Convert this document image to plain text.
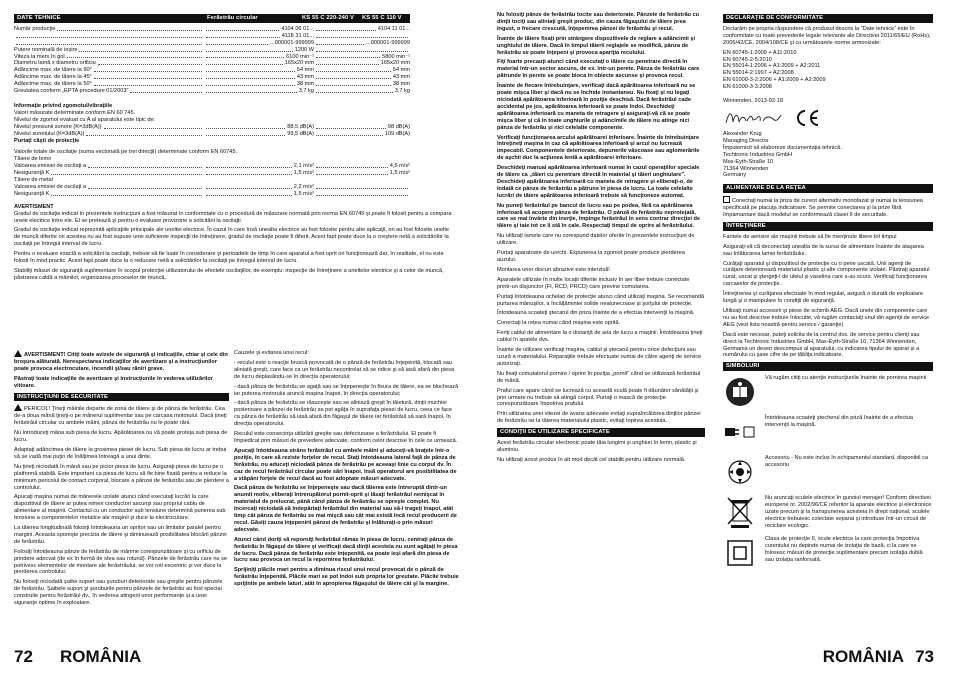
DATE TEHNICE	Ferăstrău circular	KS 55 C 220-240 V	KS 55 C 110 V
Număr producţie	4104 06 01...	4104 11 01...
4118 31 01...
...000001-999999	...000001-999999
Putere nominală de ieşire	1200 W
Viteza la mers în gol	6100 min⁻¹	5800 min⁻¹
Diametru lamă x diametru orificiu	165x20 mm	165x20 mm
Adâncime max. de tăiere la 90°	54 mm	54 mm
Adâncime max. de tăiere la 45°	43 mm	43 mm
Adâncime max. de tăiere la 50°	38 mm	38 mm
Greutatea conform „EPTA procedure 01/2003"	3,7 kg	3,7 kg
Informaţie privind zgomotul/vibraţiile
Valori măsurate determinate conform EN 60 745.
Nivelul de zgomot evaluat cu A al aparatului este tipic de:
Nivelul presiunii sonore (K=3dB(A))	88,5 dB(A)	98 dB(A)
Nivelul sunetului (K=3dB(A))	99,5 dB(A)	109 dB(A)
Purtaţi căşti de protecţie
Valorile totale de oscilaţie (suma vectorială pe trei direcţii) determinate conform EN 60745.
Tăiere de lemn
Valoarea emisiei de oscilaţi a	2,1 m/s²	4,5 m/s²
Nesiguranţă K	1,5 m/s²	1,5 m/s²
Tăiere de metal
Valoarea emisiei de oscilaţi a	2,2 m/s²
Nesiguranţă K	1,5 m/s²
AVERTISMENT
Gradul de oscilaţie indicat în prezentele instrucţiuni a fost măsurat în conformitate cu o procedură de măsurare normată prin norma EN 60745 şi poate fi folosit pentru a compara unele electrice între ele. El se pretează şi pentru o evaluare provizorie a solicitării la oscilaţii.
Gradul de oscilaţie indicat reprezintă aplicaţiile principale ale uneltei electrice. În cazul în care însă unealta electrice au fost folosite pentru alte aplicaţii, ori au fost folosite unelte de muncă diferite ori acestea nu au fost supuse unei suficiente inspecţii de întreţinere, gradul de oscilaţie poate fi diferit. Acest fapt poate duce la o creştere netă a solicitărilor la oscilaţii pe întregul interval de lucru.
Pentru o evaluare exactă a solicitării la oscilaţii, trebuie să fie luate în considerare şi perioadele de timp în care aparatul a fost oprit ori funcţionează dar, în realitate, el nu este folosit în mod practic. Acest fapt poate duce la o reducere netă a solicitărilor la oscilaţii pe întregul interval de lucru.
Stabiliţi măsuri de siguranţă suplimentare în scopul protecţiei utilizatorului de efectele oscilaţiilor, de exemplu: inspecţie de întreţinere a uneltelor electrice şi a celor de muncă, păstrarea caldă a mâinilor, organizarea proceselor de muncă.
AVERTISMENT! Citiţi toate avizele de siguranţă şi indicaţiile, chiar şi cele din broşura alăturată. Nerespectarea indicaţiilor de avertizare şi a instrucţiunilor poate provoca electrocutare, incendii şi/sau răniri grave.
Păstraţi toate indicaţiile de avertizare şi instrucţiunile în vederea utilizărilor viitoare.
INSTRUCŢIUNI DE SECURITATE
PERICOL! Ţineţi mâinile departe de zona de tăiere şi de pânza de ferăstrău. Cea de-a doua mână ţineţi-o pe mânerul suplimentar sau pe carcasa motorului. Dacă ţineţi ferăstrăul circular cu ambele mâini, pânza de ferăstrău nu le poate răni.
Nu introduceţi mâna sub piesa de lucru. Apărătoarea nu vă poate proteja sub piesa de lucru.
Adaptaţi adâncimea de tăiere la grosimea piesei de lucru. Sub piesa de lucru ar trebui să se vadă mai puţin de înălţimea întreagă a unui dinte.
Nu ţineţi niciodată în mână sau pe picior piesa de lucru. Asiguraţi piesa de lucru pe o platformă stabilă. Este important ca piesa de lucru să fie bine fixată pentru a reduce la minimum pericolul de contact corporal, blocare a pânzei de ferăstrău sau de pierdere a controlului.
Apucaţi maşina numai de mânerele izolate atunci când executaţi lucrări la care dispozitivul de tăiere ar putea nimeri conductori ascunşi sau propriul cablu de alimentare al maşinii. Contactul cu un conductor sub tensiune determină punerea sub tensiune a componentelor metalice ale maşinii şi duce la electrocutare.
La tăierea longitudinală folosiţi întotdeauna un opritor sau un limitator paralel pentru margini. Aceasta sporeşte precizia de tăiere şi diminuează posibilitatea blocării pânzei de ferăstrău.
Folosiţi întotdeauna pânze de ferăstrău de mărime corespunzătoare şi cu orificiu de prindere adecvat (de ex în formă de stea sau rotund). Pânzele de ferăstrău care nu se potrivesc elementelor de montare ale ferăstrăului, se vor roti excentric şi vor duce la pierderea controlului.
Nu folosiţi niciodată şaibe suport sau şuruburi deteriorate sau greşite pentru pânzele de ferăstrău. Şaibele suport şi şuruburile pentru pânzele de ferăstrău au fost special construite pentru ferăstrăul dv., în vederea atingerii unor performanţe şi a unei siguranţe optime în exploatare.
Cauzele şi evitarea unui recul:
- reculul este o reacţie bruscă provocată de o pânză de ferăstrău înţepenită, blocată sau aliniată greşit, care face ca un ferăstrău necontrolat să se ridice şi să iasă afară din piesa de lucru deplasându-se în direcţia operatorului;
- dacă pânza de ferăstrău se agaţă sau se înţepeneşte în fisura de tăiere, ea se blochează iar puterea motorului aruncă maşina înapoi, în direcţia operatorului;
- dacă pânza de ferăstrău se răsuceşte sau se aliniază greşit în tăietură, dinţii muchiei posterioare a pânzei de ferăstrău se pot agăţa în suprafaţa piesei de lucru, ceea ce face ca pânza de ferăstrău să iasă afară din făgaşul de tăiere iar ferăstrăul să sară înapoi, în direcţia operatorului.
Reculul este consecinţa utilizării greşite sau defectuoase a ferăstrăului. El poate fi împiedicat prin măsuri de prevedere adecvate, conform celor descrise în cele ce urmează.
Apucaţi întotdeauna strâns ferăstrăul cu ambele mâini şi aduceţi-vă braţele într-o poziţie, în care să reziste forţelor de recul. Staţi întotdeauna lateral faţă de pânza de ferăstrău, nu aduceţi niciodată pânza de ferăstrău pe aceeaşi linie cu corpul dv. În caz de recul ferăstrăul circular poate sări înapoi, însă operatorul are posibilitatea de a stăpâni forţele de recul dacă au fost adoptate măsuri adecvate.
Dacă pânza de ferăstrău se înţepeneşte sau dacă tăierea este întreruptă dintr-un anumit motiv, eliberaţi întrerupătorul pornit-oprit şi lăsaţi ferăstrăul nemişcat în materialul de prelucrat, până când pânza de ferăstrău se opreşte complet. Nu încercaţi niciodată să îndepărtaţi ferăstrăul din material sau să-l trageţi înapoi, atât timp cât pânza de ferăstrău se mai mişcă sau cât mai există încă recul producerii de recul. Găsiţi cauza înţepenirii pânzei de ferăstrău şi înlăturaţi-o prin măsuri adecvate.
Atunci când doriţi să reporniţi ferăstrăul rămas în piesa de lucru, centraţi pânza de ferăstrău în făgaşul de tăiere şi verificaţi dacă dinţii acesteia nu sunt agăţaţi în piesa de lucru. Dacă pânza de ferăstrău este înţepenită, ea poate ieşi afară din piesa de lucru sau provoca un recul la repornirea ferăstrăului.
Sprijiniţi plăcile mari pentru a diminua riscul unui recul provocat de o pânză de ferăstrău înţepenită. Plăcile mari se pot îndoi sub propria lor greutate. Plăcile trebuie sprijinite pe ambele laturi, atât în apropierea făgaşului de tăiere cât şi la margine.
72 ROMÂNIA
Nu folosiţi pânze de ferăstrău tocite sau deteriorate. Pânzele de ferăstrău cu dinţii tociţi sau aliniaţi greşit produc, din cauza făgaşului de tăiere prea îngust, o frecare crescută, înţepenirea pânzei de ferăstrău şi recul.
Înainte de tăiere fixaţi prin strângere dispozitivele de reglare a adâncimii şi unghiului de tăiere. Dacă în timpul tăierii reglajele se modifică, pânza de ferăstrău se poate înţepeni şi provoca apariţia reculului.
Fiţi foarte precauţi atunci când executaţi o tăiere cu penetrare directă în material într-un sector ascuns, de ex. într-un perete. Pânza de ferăstrău care pătrunde în perete se poate bloca în obiecte ascunse şi provoca recul.
Înainte de fiecare întrebuinţare, verificaţi dacă apărătoarea inferioară nu se poate mişca liber şi dacă nu se închide instantaneu. Nu fixaţi şi nu legaţi niciodată apărătoarea inferioară în poziţie deschisă. Dacă ferăstrăul cade accidental pe jos, apărătoarea inferioară se poate îndoi. Deschideţi apărătoarea inferioară cu maneta de retragere şi asiguraţi-vă că se poate mişca liber şi că în toate unghiurile şi adâncimile de tăiere nu atinge nici pânza de ferăstrău şi nici celelalte componente.
Verificaţi funcţionarea arcului apărătoarei inferioare. Înainte de întrebuinţare întreţineţi maşina în caz că apărătoarea inferioară şi arcul nu lucrează impecabil. Componentele deteriorate, depunerile vâscoase sau aglomerările de aşchii duc la acţiunea lentă a apărătoarei inferioare.
Deschideţi manual apărătoarea inferioară numai în cazul operaţiilor speciale de tăiere ca „tăieri cu penetrare directă în material şi tăieri unghiulare". Deschideţi apărătoarea inferioară cu maneta de retragere şi eliberaţi-o, de îndată ce pânza de ferăstrău a pătruns în piesa de lucru. La toate celelalte lucrări de tăiere apărătoarea inferioară trebuie să funcţioneze automat.
Nu puneţi ferăstrăul pe bancul de lucru sau pe podea, fără ca apărătoarea inferioară să acopere pânza de ferăstrău. O pânză de ferăstrău neprotejată, care se mai învârte din inerţie, împinge ferăstrăul în sens contrar direcţiei de tăiere şi taie tot ce îi stă în cale. Respectaţi timpul de oprire al ferăstrăului.
Nu utilizaţi lamele care nu corespund datelor oferite în prezentele instrucţiuni de utilizare.
Purtaţi aparatoare de urechi. Expunerea la zgomot poate produce pierderea auzului.
Montarea unor discuri abrazive este interzisă!
Aparatele utilizate în multe locaţii diferite inclusiv în aer liber trebuie conectate printr-un disjunctor (FI, RCD, PRCD) care previne comutarea.
Purtaţi întotdeauna ochelari de protecţie atunci când utilizaţi maşina. Se recomandă purtarea mănuşilor, a încălţămintei solide nealunecoase şi şorţului de protecţie.
Întotdeauna scoateţi ştecarul din priza înainte de a efectua intervenţii la maşină.
Conectaţi la reţea numai când maşina este oprită.
Feriţi cablul de alimentare la o distanţă de aria de lucru a maşinii. Întotdeauna ţineţi cablul în spatele dvs.
Înainte de utilizare verificaţi maşina, cablul şi ştecarul pentru orice defecţiuni sau uzură a materialului. Reparaţiile trebuie efectuate numai de către agenţi de service autorizaţi.
Nu fixaţi comutatorul pornire / oprire în poziţia „pornit" când se utilizează ferăstrăul de mână.
Praful care apare când se lucrează cu această sculă poate fi dăunător sănătăţii şi prin urmare nu trebuie să atingă corpul. Purtaţi o mască de protecţie corespunzătoare împotriva prafului.
Prin utilizarea unei vitezei de avans adecvate evitaţi supraîncălzirea dinţilor pânzei de ferăstrău iar la tăierea materialului plastic, evitaţi topirea acestuia.
CONDIŢII DE UTILIZARE SPECIFICATE
Acest ferăstrău circular electronic poate tăia lungimi şi unghiuri în lemn, plastic şi aluminiu.
Nu utilizaţi acest produs în alt mod decât cel stabilit pentru utilizare normală.
DECLARAŢIE DE CONFORMITATE
Declarăm pe propria răspundere că produsul descris la "Date tehnice" este în conformitate cu toate prevederile legale relevante ale Directivei 2011/65/EU (RoHs), 2006/42/CE, 2004/108/CE şi cu următoarele norme armonizate:
EN 60745-1:2009 + A11:2010
EN 60745-2-5:2010
EN 55014-1:2006 + A1:2009 + A2:2011
EN 55014-2:1997 + A2:2008
EN 61000-3-2:2006 + A1:2009 + A2:2009
EN 61000-3-3:2008
Winnenden, 2013-02-18
Alexander Krug
Managing Director
Împuternicit să elaboreze documentaţia tehnică.
Techtronic Industries GmbH
Max-Eyth-Straße 10
71364 Winnenden
Germany
ALIMENTARE DE LA REŢEA
Conectaţi numai la priza de curent alternativ monofazat şi numai la tensiunea specificată pe placuţa indicatoare. Se permite conectarea şi la prize fără împamantare dacă modelul se conformează clasei II de securitate.
ÎNTREŢINERE
Fantele de aerisire ale maşinii trebuie să fie menţinute libere tot timpul
Asiguraţi-vă că deconectaţi unealta de la sursa de alimentare înainte de ataşarea sau înlăturarea lamei ferăstrăului.
Curăţaţi aparatul şi dispozitivul de protecţie cu o perie uscată. Unii agenţi de curăţare deteriorează materialul plastic şi alte componente izolate. Păstraţi aparatul curat, uscat şi ştergeţi-l de uleiul şi vaselina care s-au scurs. Verificaţi funcţionarea carcaselor de protecţie.
Întreţinerea şi curăţarea efectuate în mod regulat, asigură o durată de exploatare lungă şi o manipulare în condiţii de siguranţă.
Utilizaţi numai accesorii şi piese de schimb AEG. Dacă unele din componente care nu au fost descrise trebuie înlocuite, vă rugăm contactaţi unul din agenţii de service AEG (vezi lista noastră pentru service / garanţie)
Dacă este necesar, puteţi solicita de la centrul dvs. de service pentru clienţi sau direct la Techtronic Industries GmbH, Max-Eyth-Straße 10, 71364 Winnenden, Germania un desen descompus al aparatului, cu indicarea tipului de aparat şi a numărului cu şase cifre de pe tăbliţa indicatoare.
SIMBOLURI
Vă rugăm citiţi cu atenţie instrucţiunile înainte de pornirea maşinii
Întotdeauna scoateţi ştecherul din priză înainte de a efectua intervenţii la maşină.
Accesoriu - Nu este inclus în echipamentul standard, disponibil ca accesoriu
Nu aruncaţi sculele electrice în gunoiul menajer! Conform directivei europene nr. 2002/96/CE referitor la aparate electrice şi electronice uzate precum şi la transpunerea acesteia în drept naţional, sculele electrice trebuiesc colectate separat şi introduse într-un circuit de reciclare ecologic.
Clasa de protecţie II, scule electrice la care protecţia împotriva curentului nu depinde numai de izolaţia de bază, ci la care se folosesc măsuri de protecţie suplimentare precum izolaţia dublă sau izolaţia ranforsată.
ROMÂNIA 73
